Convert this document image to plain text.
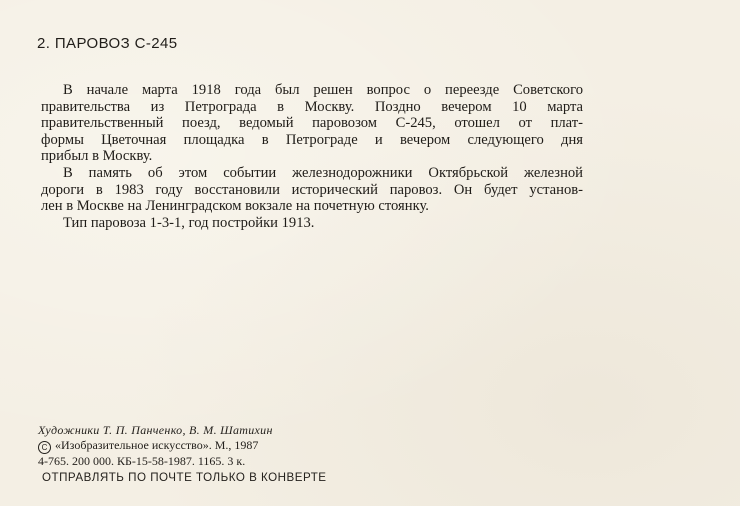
2. ПАРОВОЗ С-245
В начале марта 1918 года был решен вопрос о переезде Советского
правительства из Петрограда в Москву. Поздно вечером 10 марта
правительственный поезд, ведомый паровозом С-245, отошел от плат-
формы Цветочная площадка в Петрограде и вечером следующего дня
прибыл в Москву.
В память об этом событии железнодорожники Октябрьской железной
дороги в 1983 году восстановили исторический паровоз. Он будет установ-
лен в Москве на Ленинградском вокзале на почетную стоянку.
Тип паровоза 1-3-1, год постройки 1913.
Художники Т. П. Панченко, В. М. Шатихин
C «Изобразительное искусство». М., 1987
4-765. 200 000. КБ-15-58-1987. 1165. 3 к.
ОТПРАВЛЯТЬ ПО ПОЧТЕ ТОЛЬКО В КОНВЕРТЕ
